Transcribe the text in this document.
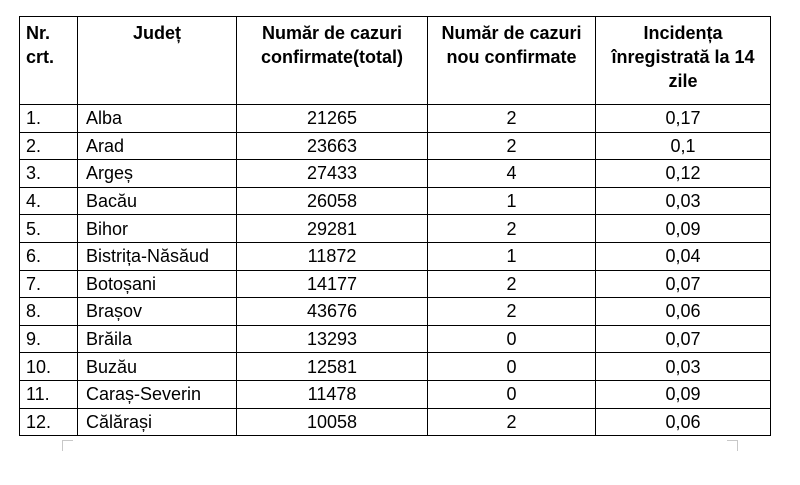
Nr. crt.	Județ	Număr de cazuri confirmate(total)	Număr de cazuri nou confirmate	Incidența înregistrată la 14 zile
1.	Alba	21265	2	0,17
2.	Arad	23663	2	0,1
3.	Argeș	27433	4	0,12
4.	Bacău	26058	1	0,03
5.	Bihor	29281	2	0,09
6.	Bistrița-Năsăud	11872	1	0,04
7.	Botoșani	14177	2	0,07
8.	Brașov	43676	2	0,06
9.	Brăila	13293	0	0,07
10.	Buzău	12581	0	0,03
11.	Caraș-Severin	11478	0	0,09
12.	Călărași	10058	2	0,06
